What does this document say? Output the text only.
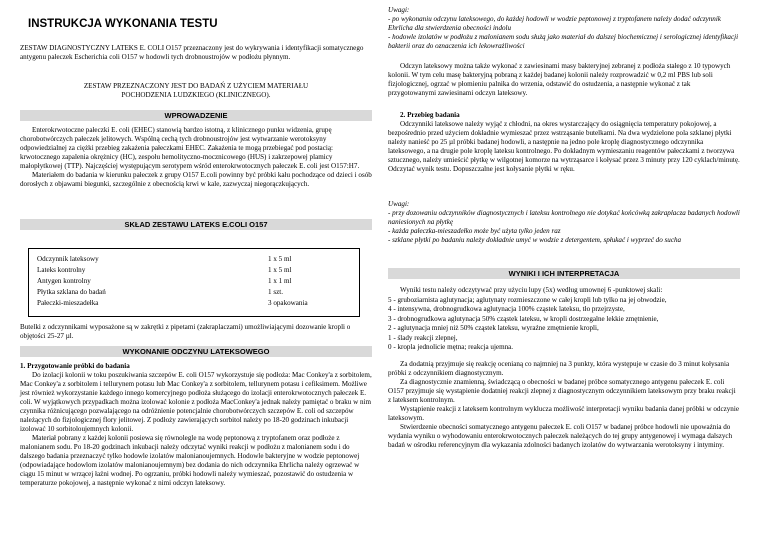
INSTRUKCJA WYKONANIA TESTU

ZESTAW DIAGNOSTYCZNY LATEKS E. COLI O157 przeznaczony jest do wykrywania i identyfikacji somatycznego antygenu pałeczek Escherichia coli O157 w hodowli tych drobnoustrojów w podłożu płynnym.

ZESTAW PRZEZNACZONY JEST DO BADAŃ Z UŻYCIEM MATERIAŁU

POCHODZENIA LUDZKIEGO (KLINICZNEGO).

WPROWADZENIE

Enterokrwotoczne pałeczki E. coli (EHEC) stanowią bardzo istotną, z klinicznego punku widzenia, grupę chorobotwórczych pałeczek jelitowych. Wspólną cechą tych drobnoustrojów jest wytwarzanie werotoksyny odpowiedzialnej za ciężki przebieg zakażenia pałeczkami EHEC. Zakażenia te mogą przebiegać pod postacią: krwotocznego zapalenia okrężnicy (HC), zespołu hemolityczno-mocznicowego (HUS) i zakrzepowej plamicy małopłytkowej (TTP). Najczęściej występującym serotypem wśród enterokrwotocznych pałeczek E. coli jest O157:H7.

Materiałem do badania w kierunku pałeczek z grupy O157 E.coli powinny być próbki kału pochodzące od dzieci i osób dorosłych z objawami biegunki, szczególnie z obecnością krwi w kale, zazwyczaj niegorączkujących.

SKŁAD ZESTAWU LATEKS E.COLI O157
Odczynnik lateksowy	1 x 5 ml
Lateks kontrolny	1 x 5 ml
Antygen kontrolny	1 x 1 ml
Płytka szklana do badań	1 szt.
Pałeczki-mieszadełka	3 opakowania

Butelki z odczynnikami wyposażone są w zakrętki z pipetami (zakraplaczami) umożliwiającymi dozowanie kropli o objętości 25-27 µl.

WYKONANIE ODCZYNU LATEKSOWEGO

1. Przygotowanie próbki do badania

Do izolacji kolonii w toku poszukiwania szczepów E. coli O157 wykorzystuje się podłoża: Mac Conkey'a z sorbitolem, Mac Conkey'a z sorbitolem i tellurynem potasu lub Mac Conkey'a z sorbitolem, tellurynem potasu i cefiksimem. Możliwe jest również wykorzystanie każdego innego komercyjnego podłoża służącego do izolacji enterokrwotocznych pałeczek E. coli. W wyjątkowych przypadkach można izolować kolonie z podłoża MacConkey'a jednak należy pamiętać o braku w nim czynnika różnicującego pozwalającego na odróżnienie potencjalnie chorobotwórczych szczepów E. coli od szczepów należących do fizjologicznej flory jelitowej. Z podłoży zawierających sorbitol należy po 18-20 godzinach inkubacji izolować 10 sorbitolоujemnych kolonii.

Materiał pobrany z każdej kolonii posiewa się równolegle na wodę peptonową z tryptofanem oraz podłoże z malonianem sodu. Po 18-20 godzinach inkubacji należy odczytać wyniki reakcji w podłożu z malonianem sodu i do dalszego badania przeznaczyć tylko hodowle izolatów malonianoujemnych. Hodowle bakteryjne w wodzie peptonowej (odpowiadające hodowlom izolatów malonianoujemnym) bez dodania do nich odczynnika Ehrlicha należy ogrzewać w ciągu 15 minut w wrzącej łaźni wodnej. Po ogrzaniu, próbki hodowli należy wymieszać, pozostawić do ostudzenia w temperaturze pokojowej, a następnie wykonać z nimi odczyn lateksowy.

Uwagi:

- po wykonaniu odczynu lateksowego, do każdej hodowli w wodzie peptonowej z tryptofanem należy dodać odczynnik Ehrlicha dla stwierdzenia obecności indolu

- hodowle izolatów w podłożu z malonianem sodu służą jako materiał do dalszej biochemicznej i serologicznej identyfikacji bakterii oraz do oznaczenia ich lekowrażliwości

Odczyn lateksowy można także wykonać z zawiesinami masy bakteryjnej zebranej z podłoża stałego z 10 typowych kolonii. W tym celu masę bakteryjną pobraną z każdej badanej kolonii należy rozprowadzić w 0,2 ml PBS lub soli fizjologicznej, ogrzać w płomieniu palnika do wrzenia, odstawić do ostudzenia, a następnie wykonać z tak przygotowanymi zawiesinami odczyn lateksowy.

2. Przebieg badania

Odczynniki lateksowe należy wyjąć z chłodni, na okres wystarczający do osiągnięcia temperatury pokojowej, a bezpośrednio przed użyciem dokładnie wymieszać przez wstrząsanie butelkami. Na dwa wydzielone pola szklanej płytki należy nanieść po 25 µl próbki badanej hodowli, a następnie na jedno pole kroplę diagnostycznego odczynnika lateksowego, a na drugie pole kroplę lateksu kontrolnego. Po dokładnym wymieszaniu reagentów pałeczkami z tworzywa sztucznego, należy umieścić płytkę w wilgotnej komorze na wytrząsarce i kołysać przez 3 minuty przy 120 cyklach/minutę. Odczytać wynik testu. Dopuszczalne jest kołysanie płytki w ręku.

Uwagi:

- przy dozowaniu odczynników diagnostycznych i lateksu kontrolnego nie dotykać końcówką zakraplacza badanych hodowli naniesionych na płytkę

- każda pałeczka-mieszadełko może być użyta tylko jeden raz

- szklane płytki po badaniu należy dokładnie umyć w wodzie z detergentem, spłukać i wyprzeć do sucha

WYNIKI I ICH INTERPRETACJA

Wyniki testu należy odczytywać przy użyciu lupy (5x) według umownej 6 -punktowej skali:

5 - gruboziarnista aglutynacja; aglutynaty rozmieszczone w całej kropli lub tylko na jej obwodzie,

4 - intensywna, drobnogrudkowa aglutynacja 100% cząstek lateksu, tło przejrzyste,

3 - drobnogrudkowa aglutynacja 50% cząstek lateksu, w kropli dostrzegalne lekkie zmętnienie,

2 - aglutynacja mniej niż 50% cząstek lateksu, wyraźne zmętnienie kropli,

1 - ślady reakcji zlepnej,

0 - kropla jednolicie mętna; reakcja ujemna.

Za dodatnią przyjmuje się reakcję ocenianą co najmniej na 3 punkty, która występuje w czasie do 3 minut kołysania próbki z odczynnikiem diagnostycznym.

Za diagnostycznie znamienną, świadczącą o obecności w badanej próbce somatycznego antygenu pałeczek E. coli O157 przyjmuje się wystąpienie dodatniej reakcji zlepnej z diagnostycznym odczynnikiem lateksowym przy braku reakcji z lateksem kontrolnym.

Wystąpienie reakcji z lateksem kontrolnym wyklucza możliwość interpretacji wyniku badania danej próbki w odczynie lateksowym.

Stwierdzenie obecności somatycznego antygenu pałeczek E. coli O157 w badanej próbce hodowli nie upoważnia do wydania wyniku o wyhodowaniu enterokrwotocznych pałeczek należących do tej grupy antygenowej i wymaga dalszych badań w ośrodku referencyjnym dla wykazania zdolności badanych izolatów do wytwarzania werotoksyny i intyminy.
